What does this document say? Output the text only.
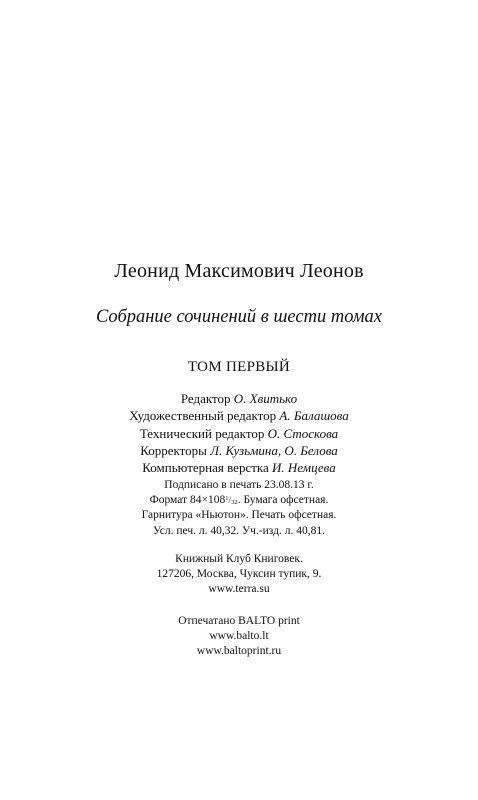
Леонид Максимович Леонов
Собрание сочинений в шести томах
ТОМ ПЕРВЫЙ
Редактор О. Хвитько
Художественный редактор А. Балашова
Технический редактор О. Стоскова
Корректоры Л. Кузьмина, О. Белова
Компьютерная верстка И. Немцева
Подписано в печать 23.08.13 г.
Формат $84\times 108^1/_{32}$. Бумага офсетная.
Гарнитура «Ньютон». Печать офсетная.
Усл. печ. л. 40,32. Уч.-изд. л. 40,81.
Книжный Клуб Книговек.
127206, Москва, Чуксин тупик, 9.
www.terra.su
Отпечатано BALTO print
www.balto.lt
www.baltoprint.ru
